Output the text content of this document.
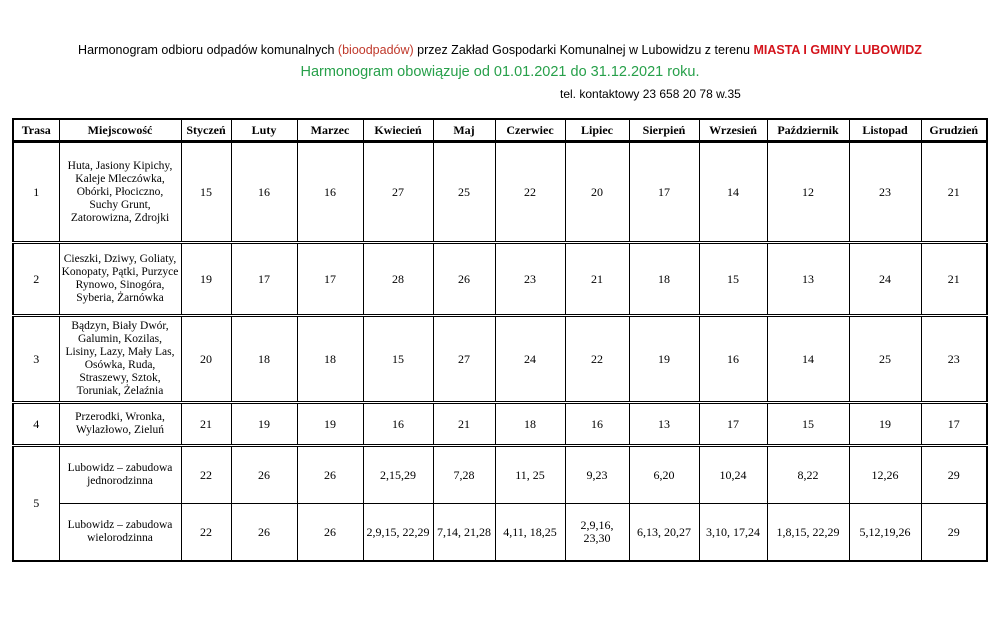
Harmonogram odbioru odpadów komunalnych (bioodpadów) przez Zakład Gospodarki Komunalnej w Lubowidzu z terenu MIASTA I GMINY LUBOWIDZ
Harmonogram obowiązuje od 01.01.2021 do 31.12.2021 roku.
tel. kontaktowy 23 658 20 78 w.35
Trasa	Miejscowość	Styczeń	Luty	Marzec	Kwiecień	Maj	Czerwiec	Lipiec	Sierpień	Wrzesień	Październik	Listopad	Grudzień
1	Huta, Jasiony Kipichy, Kaleje Mleczówka, Obórki, Płociczno, Suchy Grunt, Zatorowizna, Zdrojki	15	16	16	27	25	22	20	17	14	12	23	21
2	Cieszki, Dziwy, Goliaty, Konopaty, Pątki, Purzyce Rynowo, Sinogóra, Syberia, Żarnówka	19	17	17	28	26	23	21	18	15	13	24	21
3	Bądzyn, Biały Dwór, Galumin, Kozilas, Lisiny, Lazy, Mały Las, Osówka, Ruda, Straszewy, Sztok, Toruniak, Żelaźnia	20	18	18	15	27	24	22	19	16	14	25	23
4	Przerodki, Wronka, Wylazłowo, Zieluń	21	19	19	16	21	18	16	13	17	15	19	17
5	Lubowidz – zabudowa jednorodzinna	22	26	26	2,15,29	7,28	11, 25	9,23	6,20	10,24	8,22	12,26	29
	Lubowidz – zabudowa wielorodzinna	22	26	26	2,9,15, 22,29	7,14, 21,28	4,11, 18,25	2,9,16, 23,30	6,13, 20,27	3,10, 17,24	1,8,15, 22,29	5,12,19,26	29
